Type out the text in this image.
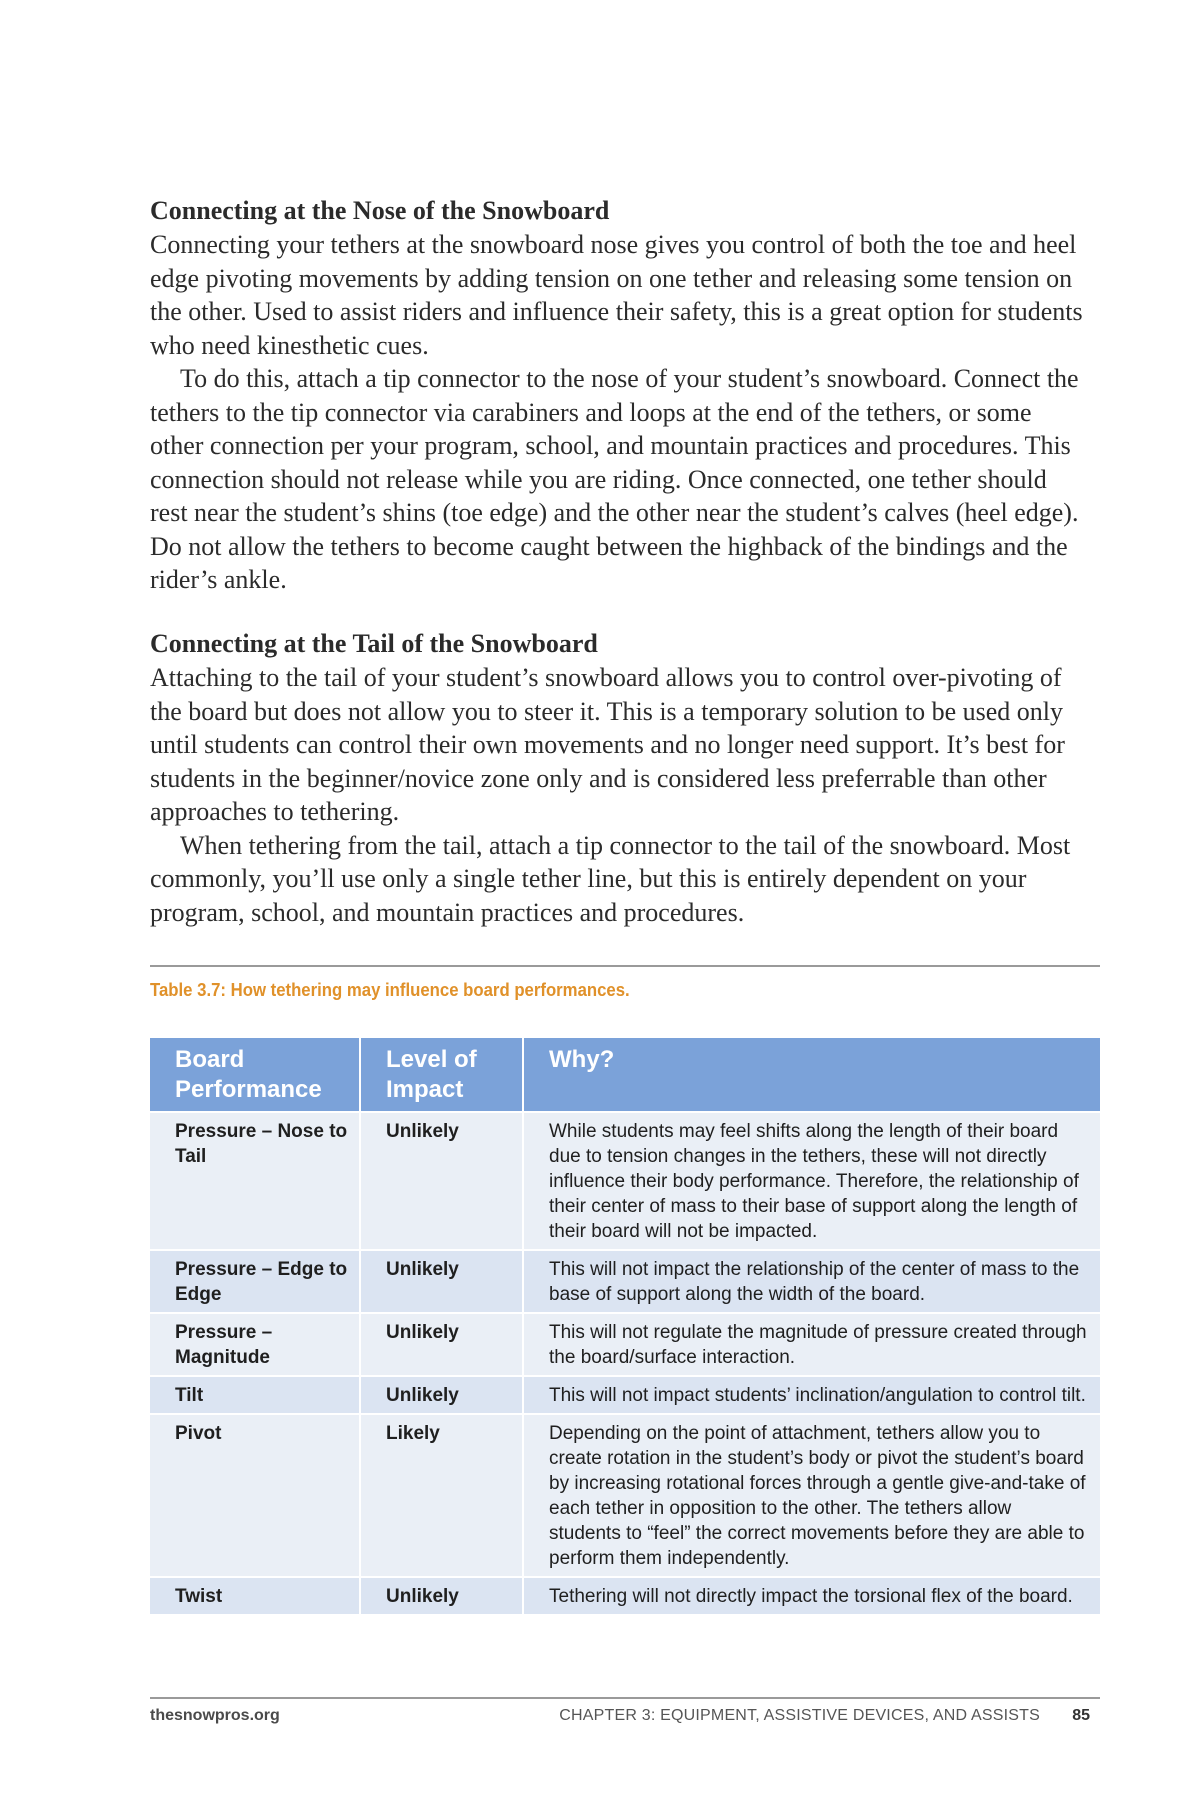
Connecting at the Nose of the Snowboard

Connecting your tethers at the snowboard nose gives you control of both the toe and heel edge pivoting movements by adding tension on one tether and releasing some tension on the other. Used to assist riders and influence their safety, this is a great option for students who need kinesthetic cues.

To do this, attach a tip connector to the nose of your student’s snowboard. Connect the tethers to the tip connector via carabiners and loops at the end of the tethers, or some other connection per your program, school, and mountain practices and procedures. This connection should not release while you are riding. Once connected, one tether should rest near the student’s shins (toe edge) and the other near the student’s calves (heel edge). Do not allow the tethers to become caught between the highback of the bindings and the rider’s ankle.

Connecting at the Tail of the Snowboard

Attaching to the tail of your student’s snowboard allows you to control over-pivoting of the board but does not allow you to steer it. This is a temporary solution to be used only until students can control their own movements and no longer need support. It’s best for students in the beginner/novice zone only and is considered less preferrable than other approaches to tethering.

When tethering from the tail, attach a tip connector to the tail of the snowboard. Most commonly, you’ll use only a single tether line, but this is entirely dependent on your program, school, and mountain practices and procedures.

Table 3.7: How tethering may influence board performances.
Board Performance	Level of Impact	Why?
Pressure – Nose to Tail	Unlikely	While students may feel shifts along the length of their board due to tension changes in the tethers, these will not directly influence their body performance. Therefore, the relationship of their center of mass to their base of support along the length of their board will not be impacted.
Pressure – Edge to Edge	Unlikely	This will not impact the relationship of the center of mass to the base of support along the width of the board.
Pressure – Magnitude	Unlikely	This will not regulate the magnitude of pressure created through the board/surface interaction.
Tilt	Unlikely	This will not impact students’ inclination/angulation to control tilt.
Pivot	Likely	Depending on the point of attachment, tethers allow you to create rotation in the student’s body or pivot the student’s board by increasing rotational forces through a gentle give-and-take of each tether in opposition to the other. The tethers allow students to “feel” the correct movements before they are able to perform them independently.
Twist	Unlikely	Tethering will not directly impact the torsional flex of the board.
thesnowpros.org	CHAPTER 3: EQUIPMENT, ASSISTIVE DEVICES, AND ASSISTS 85
